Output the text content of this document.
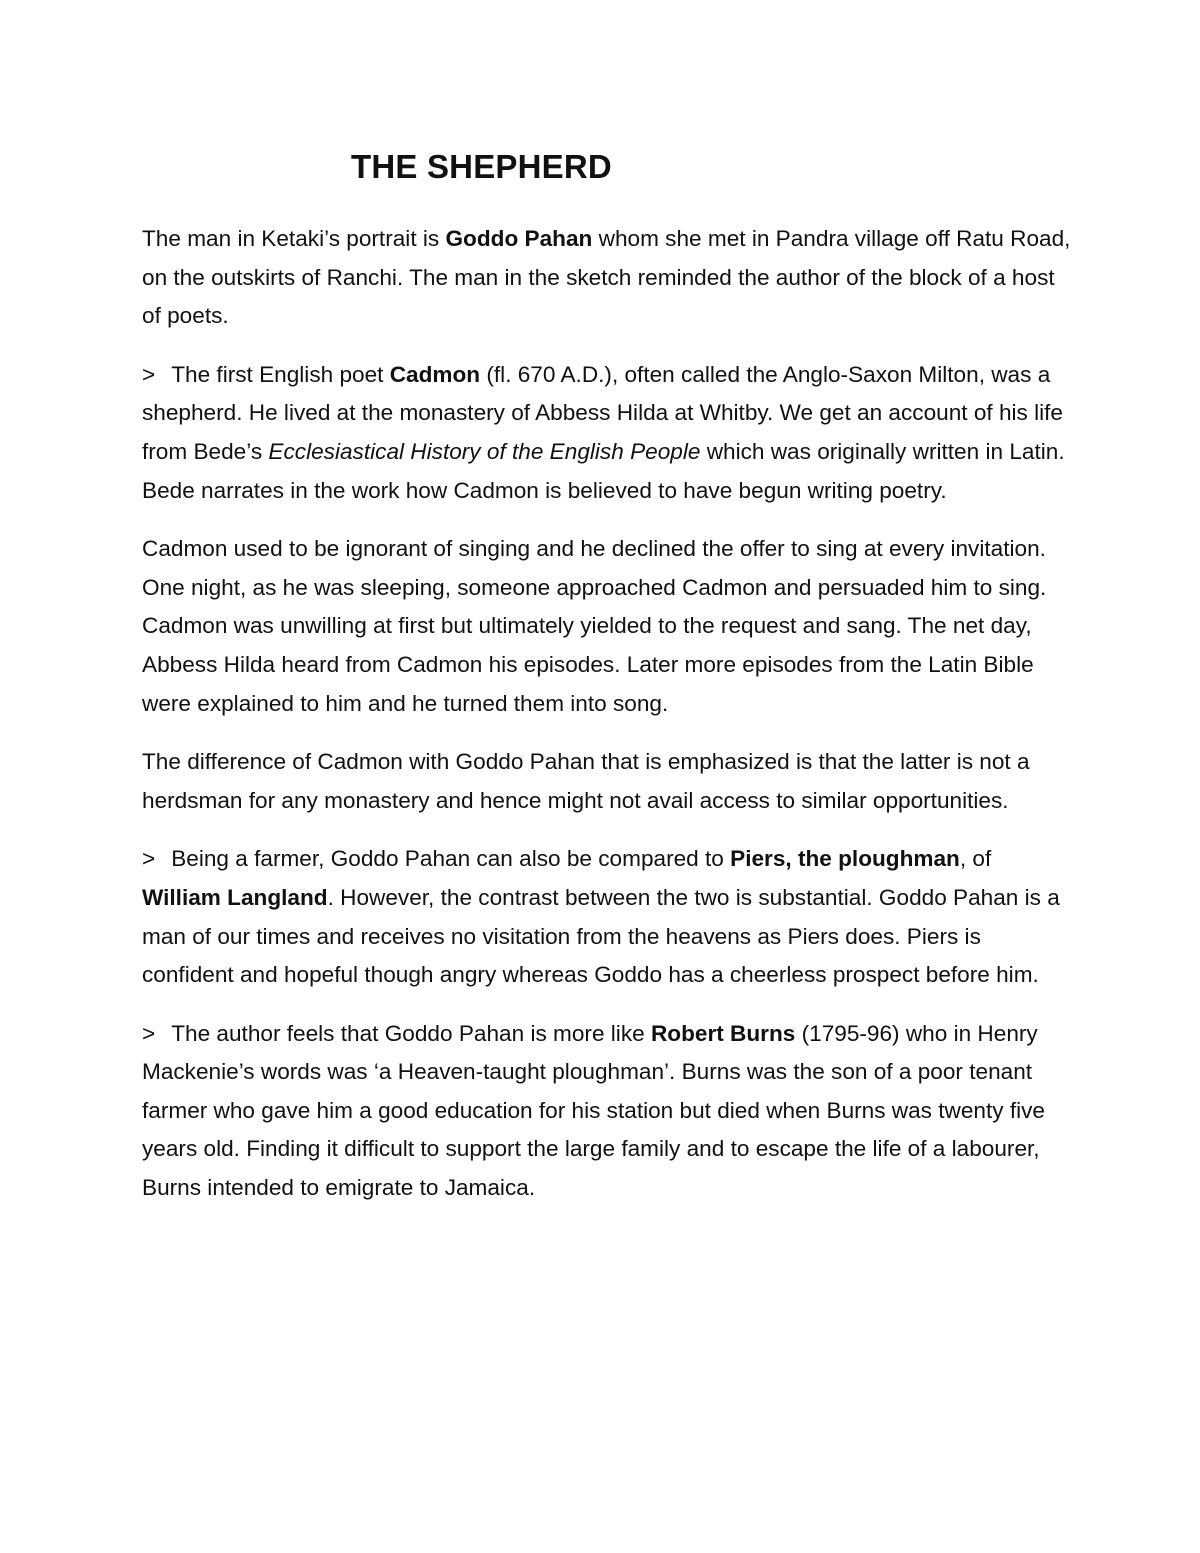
THE SHEPHERD

The man in Ketaki’s portrait is Goddo Pahan whom she met in Pandra village off Ratu Road, on the outskirts of Ranchi. The man in the sketch reminded the author of the block of a host of poets.

> The first English poet Cadmon (fl. 670 A.D.), often called the Anglo-Saxon Milton, was a shepherd. He lived at the monastery of Abbess Hilda at Whitby. We get an account of his life from Bede’s Ecclesiastical History of the English People which was originally written in Latin. Bede narrates in the work how Cadmon is believed to have begun writing poetry.

Cadmon used to be ignorant of singing and he declined the offer to sing at every invitation. One night, as he was sleeping, someone approached Cadmon and persuaded him to sing. Cadmon was unwilling at first but ultimately yielded to the request and sang. The net day, Abbess Hilda heard from Cadmon his episodes. Later more episodes from the Latin Bible were explained to him and he turned them into song.

The difference of Cadmon with Goddo Pahan that is emphasized is that the latter is not a herdsman for any monastery and hence might not avail access to similar opportunities.

> Being a farmer, Goddo Pahan can also be compared to Piers, the ploughman, of William Langland. However, the contrast between the two is substantial. Goddo Pahan is a man of our times and receives no visitation from the heavens as Piers does. Piers is confident and hopeful though angry whereas Goddo has a cheerless prospect before him.

> The author feels that Goddo Pahan is more like Robert Burns (1795-96) who in Henry Mackenie’s words was ‘a Heaven-taught ploughman’. Burns was the son of a poor tenant farmer who gave him a good education for his station but died when Burns was twenty five years old. Finding it difficult to support the large family and to escape the life of a labourer, Burns intended to emigrate to Jamaica.
